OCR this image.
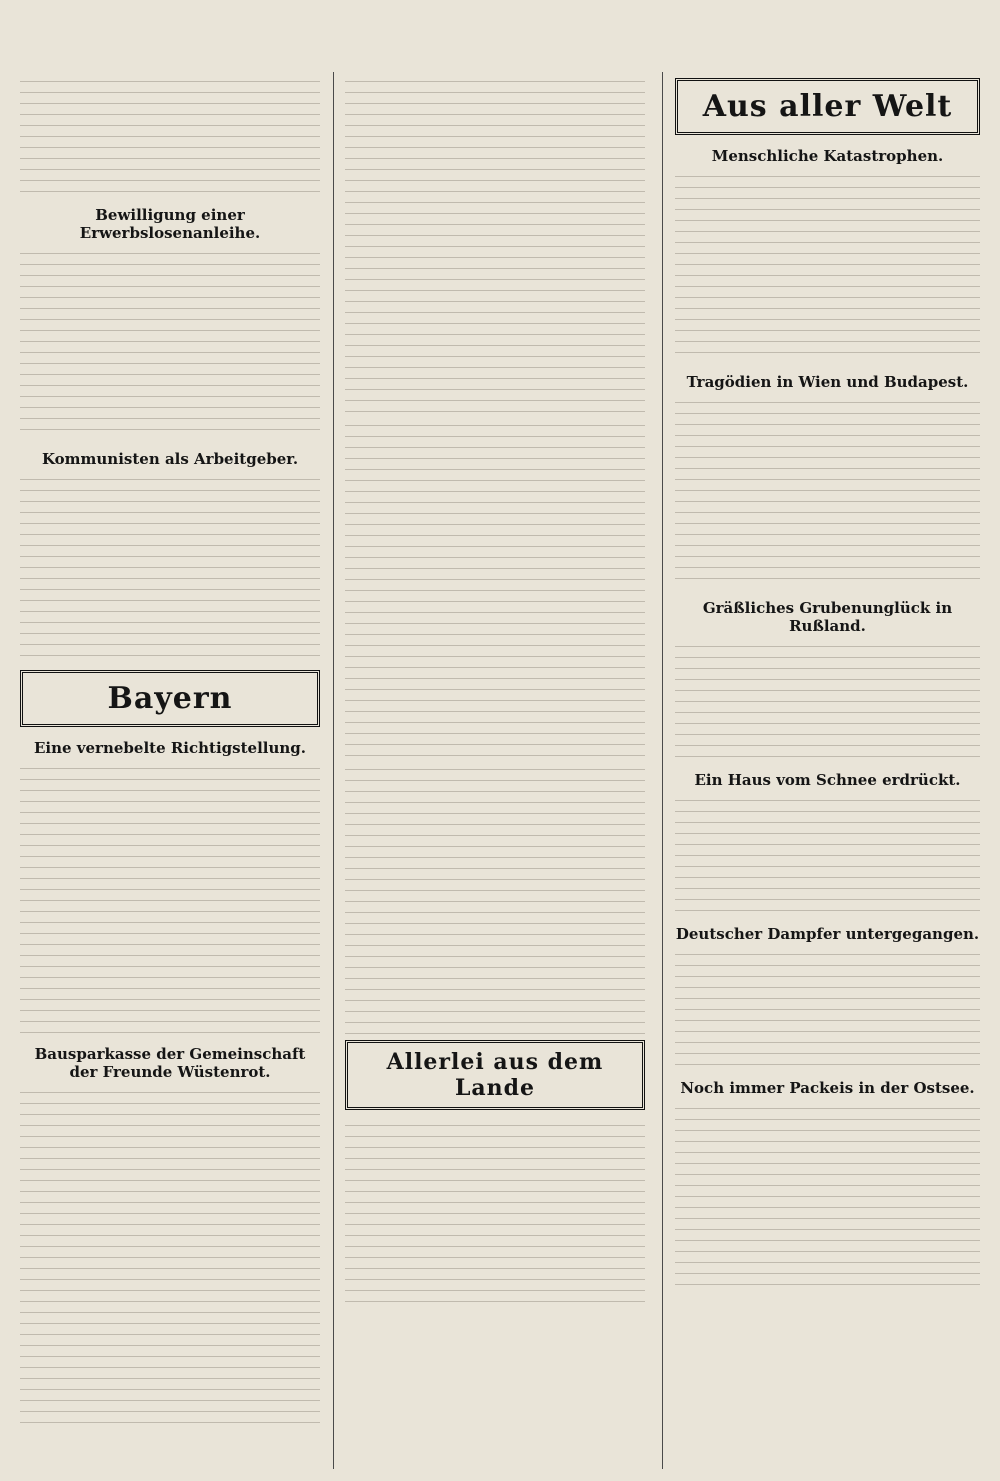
Bewilligung einer Erwerbslosenanleihe.
Kommunisten als Arbeitgeber.
Bayern
Eine vernebelte Richtigstellung.
Bausparkasse der Gemeinschaft der Freunde Wüstenrot.	Allerlei aus dem Lande
Aus aller Welt
Menschliche Katastrophen.
Tragödien in Wien und Budapest.
Gräßliches Grubenunglück in Rußland.
Ein Haus vom Schnee erdrückt.
Deutscher Dampfer untergegangen.
Noch immer Packeis in der Ostsee.
